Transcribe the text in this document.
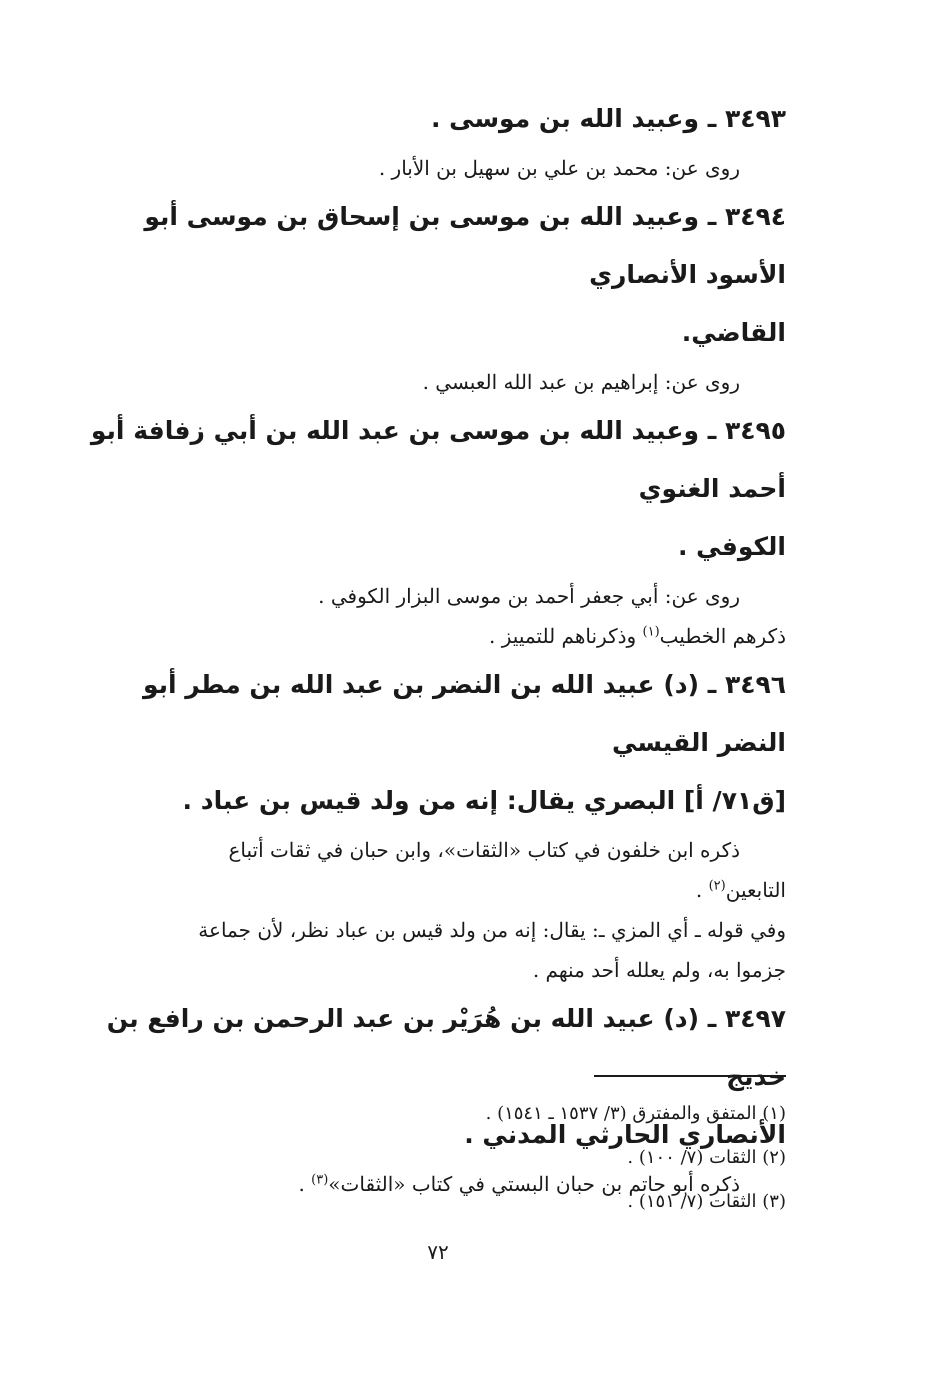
٣٤٩٣ ـ وعبيد الله بن موسى .

روى عن: محمد بن علي بن سهيل بن الأبار .

٣٤٩٤ ـ وعبيد الله بن موسى بن إسحاق بن موسى أبو الأسود الأنصاري

القاضي.

روى عن: إبراهيم بن عبد الله العبسي .

٣٤٩٥ ـ وعبيد الله بن موسى بن عبد الله بن أبي زفافة أبو أحمد الغنوي

الكوفي .

روى عن: أبي جعفر أحمد بن موسى البزار الكوفي .

ذكرهم الخطيب$^{(١)}$ وذكرناهم للتمييز .

٣٤٩٦ ـ (د) عبيد الله بن النضر بن عبد الله بن مطر أبو النضر القيسي

[ق٧١/ أ] البصري يقال: إنه من ولد قيس بن عباد .

ذكره ابن خلفون في كتاب «الثقات»، وابن حبان في ثقات أتباع

التابعين$^{(٢)}$ .

وفي قوله ـ أي المزي ـ: يقال: إنه من ولد قيس بن عباد نظر، لأن جماعة

جزموا به، ولم يعلله أحد منهم .

٣٤٩٧ ـ (د) عبيد الله بن هُرَيْر بن عبد الرحمن بن رافع بن خديج

الأنصاري الحارثي المدني .

ذكره أبو حاتم بن حبان البستي في كتاب «الثقات»$^{(٣)}$ .

(١) المتفق والمفترق (٣/ ١٥٣٧ ـ ١٥٤١) .

(٢) الثقات (٧/ ١٠٠) .

(٣) الثقات (٧/ ١٥١) .

٧٢
